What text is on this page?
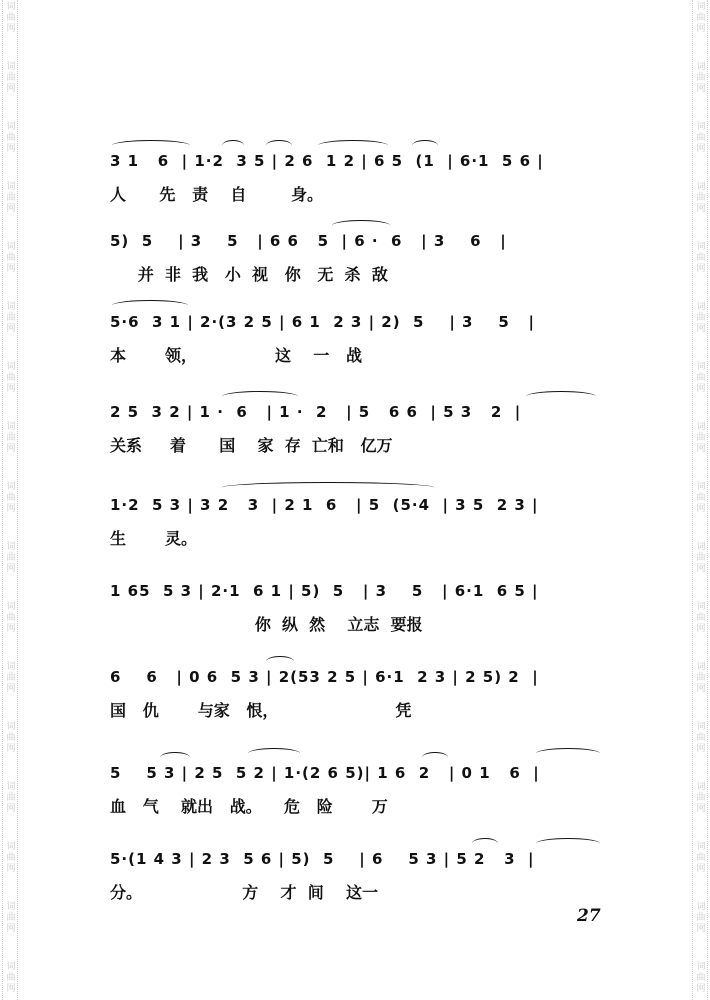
词
曲
网
词
曲
网
词
曲
网
词
曲
网
词
曲
网
词
曲
网
词
曲
网
词
曲
网
词
曲
网
词
曲
网
词
曲
网
词
曲
网
词
曲
网
词
曲
网
词
曲
网
词
曲
网
词
曲
网
词
曲
网
词
曲
网
词
曲
网
词
曲
网
词
曲
网
词
曲
网
词
曲
网
词
曲
网
词
曲
网
词
曲
网
词
曲
网
词
曲
网
词
曲
网
词
曲
网
词
曲
网
词
曲
网
词
曲
网
3 1   6  | 1·2  3 5 | 2 6  1 2 | 6 5  (1  | 6·1  5 6 |
人      先   责    自        身。
5)  5    | 3    5   | 6 6   5  | 6 ·  6   | 3    6   |
并  非  我   小  视   你   无  杀  敌
5·6  3 1 | 2·(3 2 5 | 6 1  2 3 | 2)  5    | 3    5   |
本       领，              这    一   战
2 5  3 2 | 1 ·  6   | 1 ·  2   | 5   6 6  | 5 3   2  |
关系     着      国    家  存  亡和   亿万
1·2  5 3 | 3 2   3  | 2 1  6   | 5  (5·4  | 3 5  2 3 |
生       灵。
1 65  5 3 | 2·1  6 1 | 5)  5   | 3    5   | 6·1  6 5 |
你  纵  然    立志  要报
6    6   | 0 6  5 3 | 2(53 2 5 | 6·1  2 3 | 2 5) 2  |
国   仇       与家   恨，                     凭
5    5 3 | 2 5  5 2 | 1·(2 6 5)| 1 6  2   | 0 1   6  |
血   气    就出   战。    危   险       万
5·(1 4 3 | 2 3  5 6 | 5)  5    | 6    5 3 | 5 2   3  |
分。                  方    才  间    这一
27
